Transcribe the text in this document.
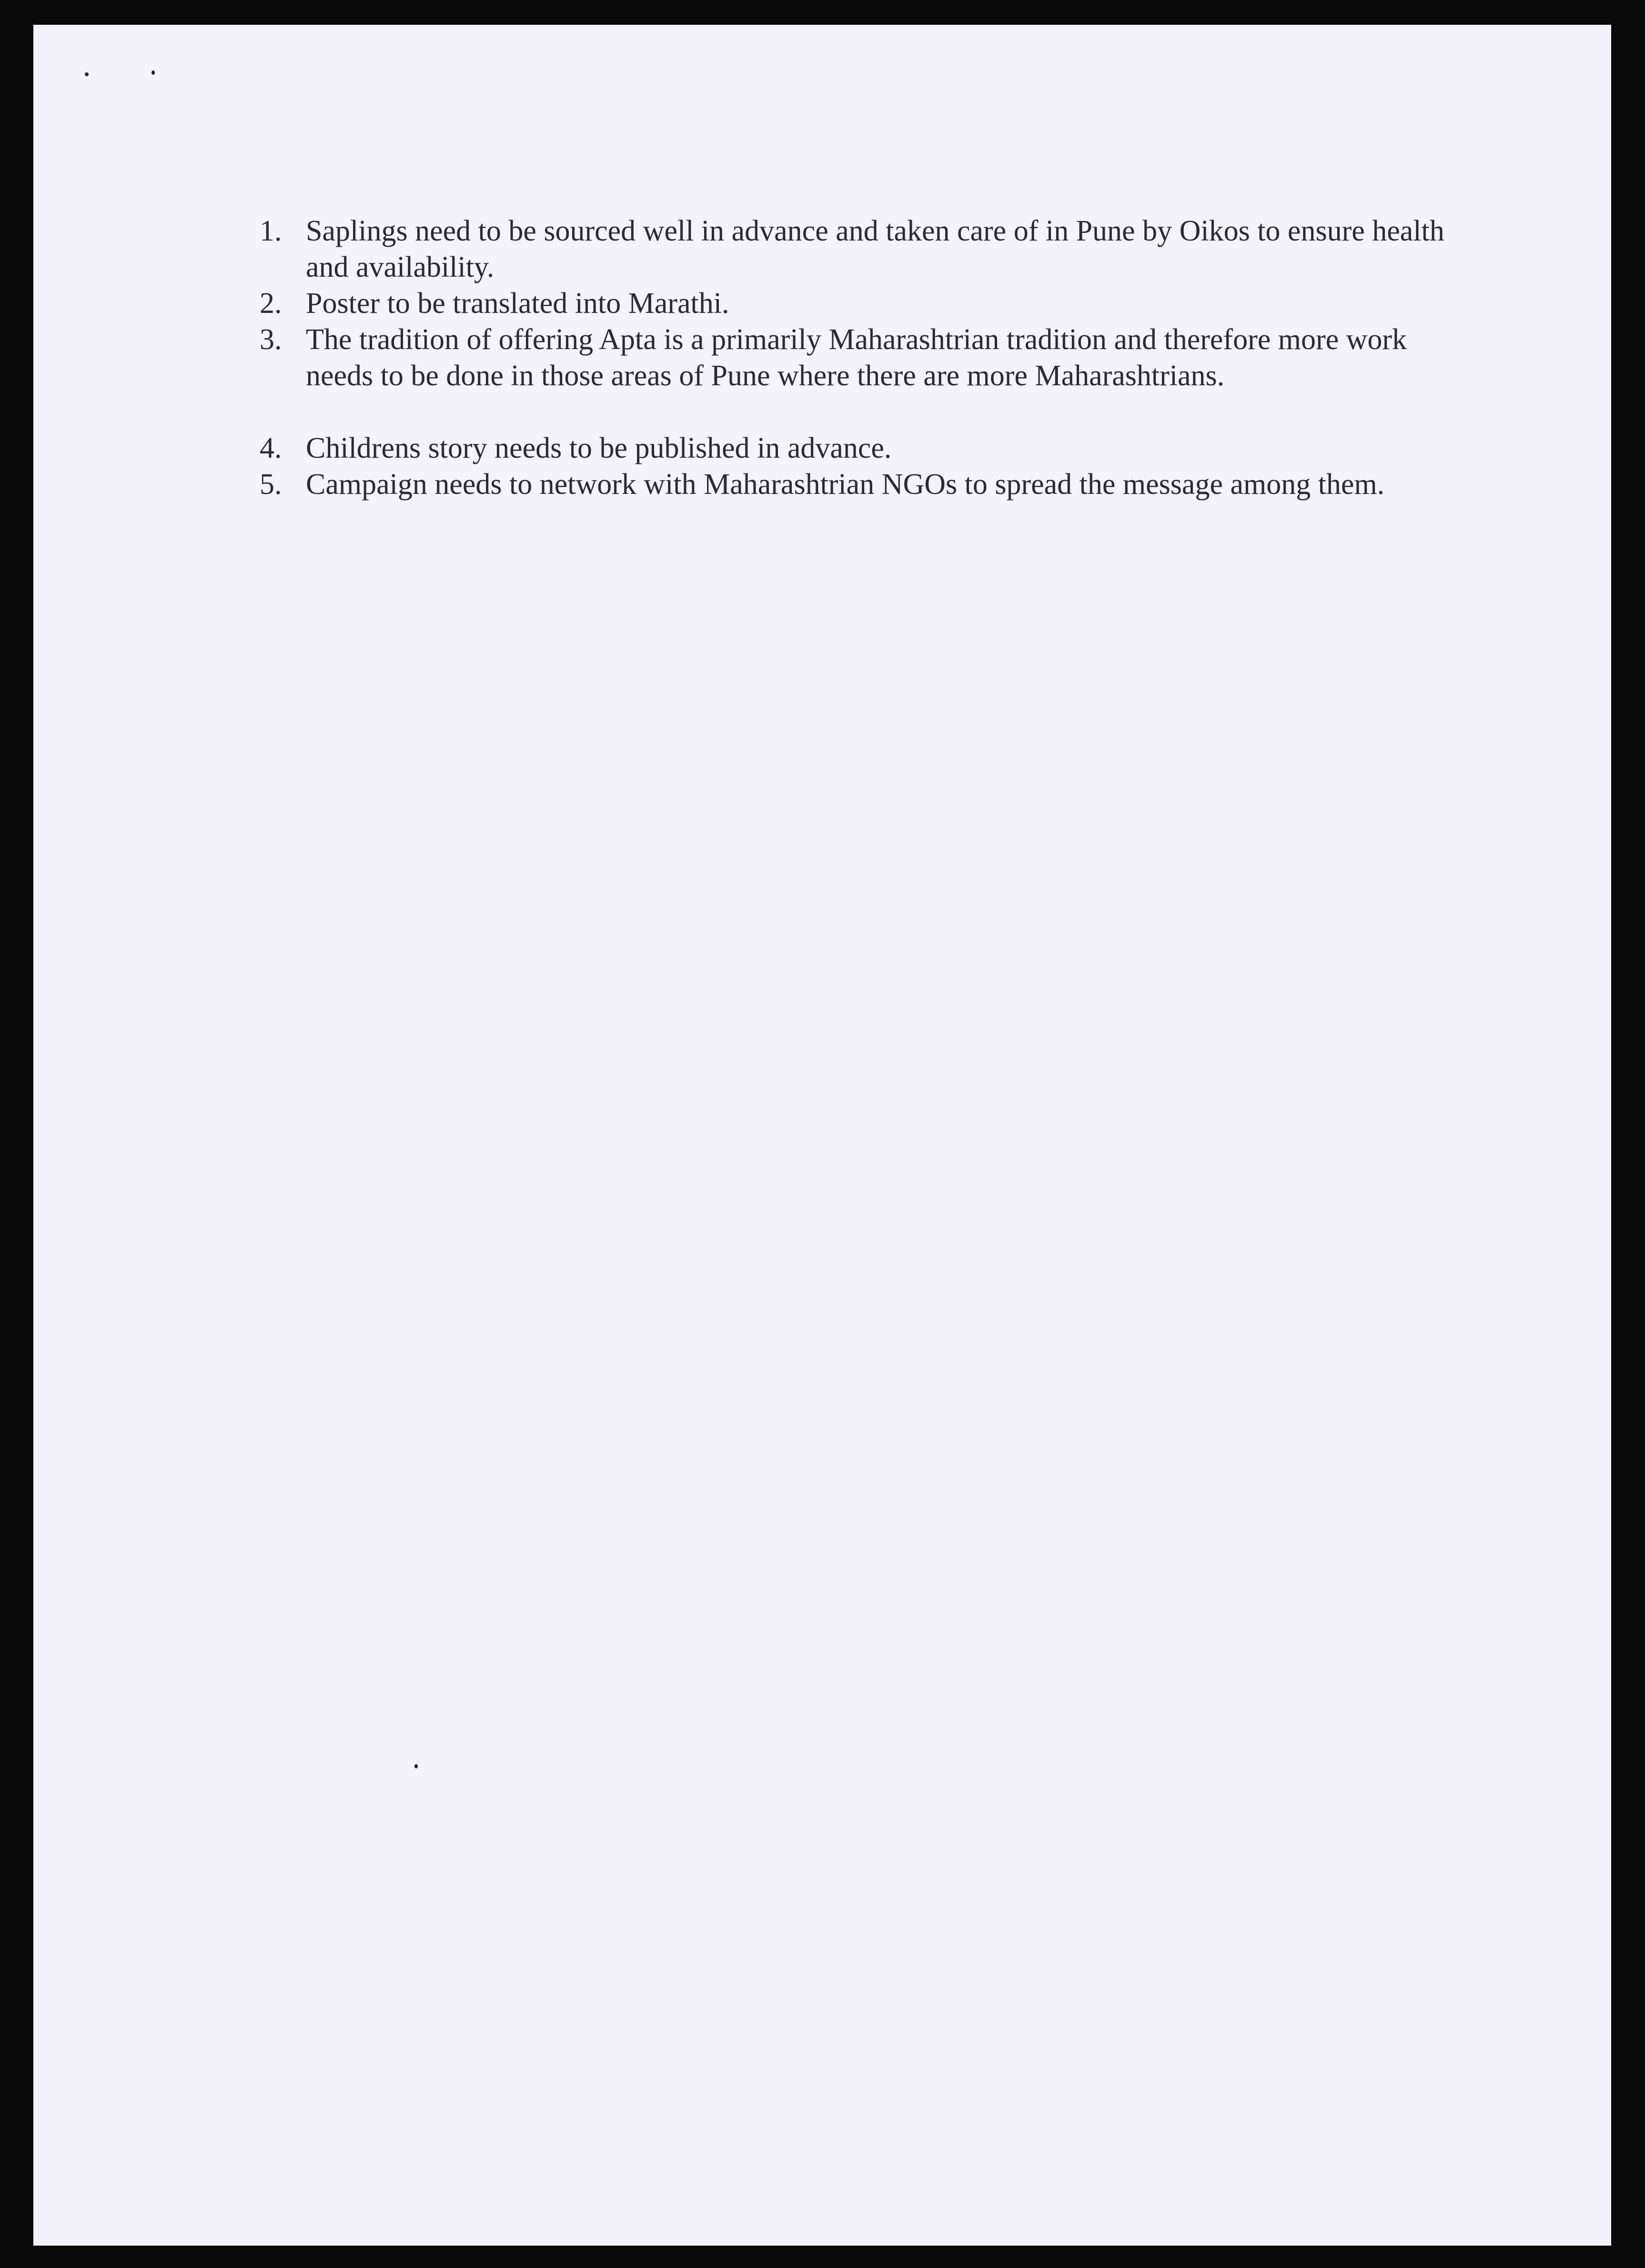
1. Saplings need to be sourced well in advance and taken care of in Pune by Oikos to ensure health and availability.

2. Poster to be translated into Marathi.

3. The tradition of offering Apta is a primarily Maharashtrian tradition and therefore more work needs to be done in those areas of Pune where there are more Maharashtrians.

4. Childrens story needs to be published in advance.

5. Campaign needs to network with Maharashtrian NGOs to spread the message among them.
